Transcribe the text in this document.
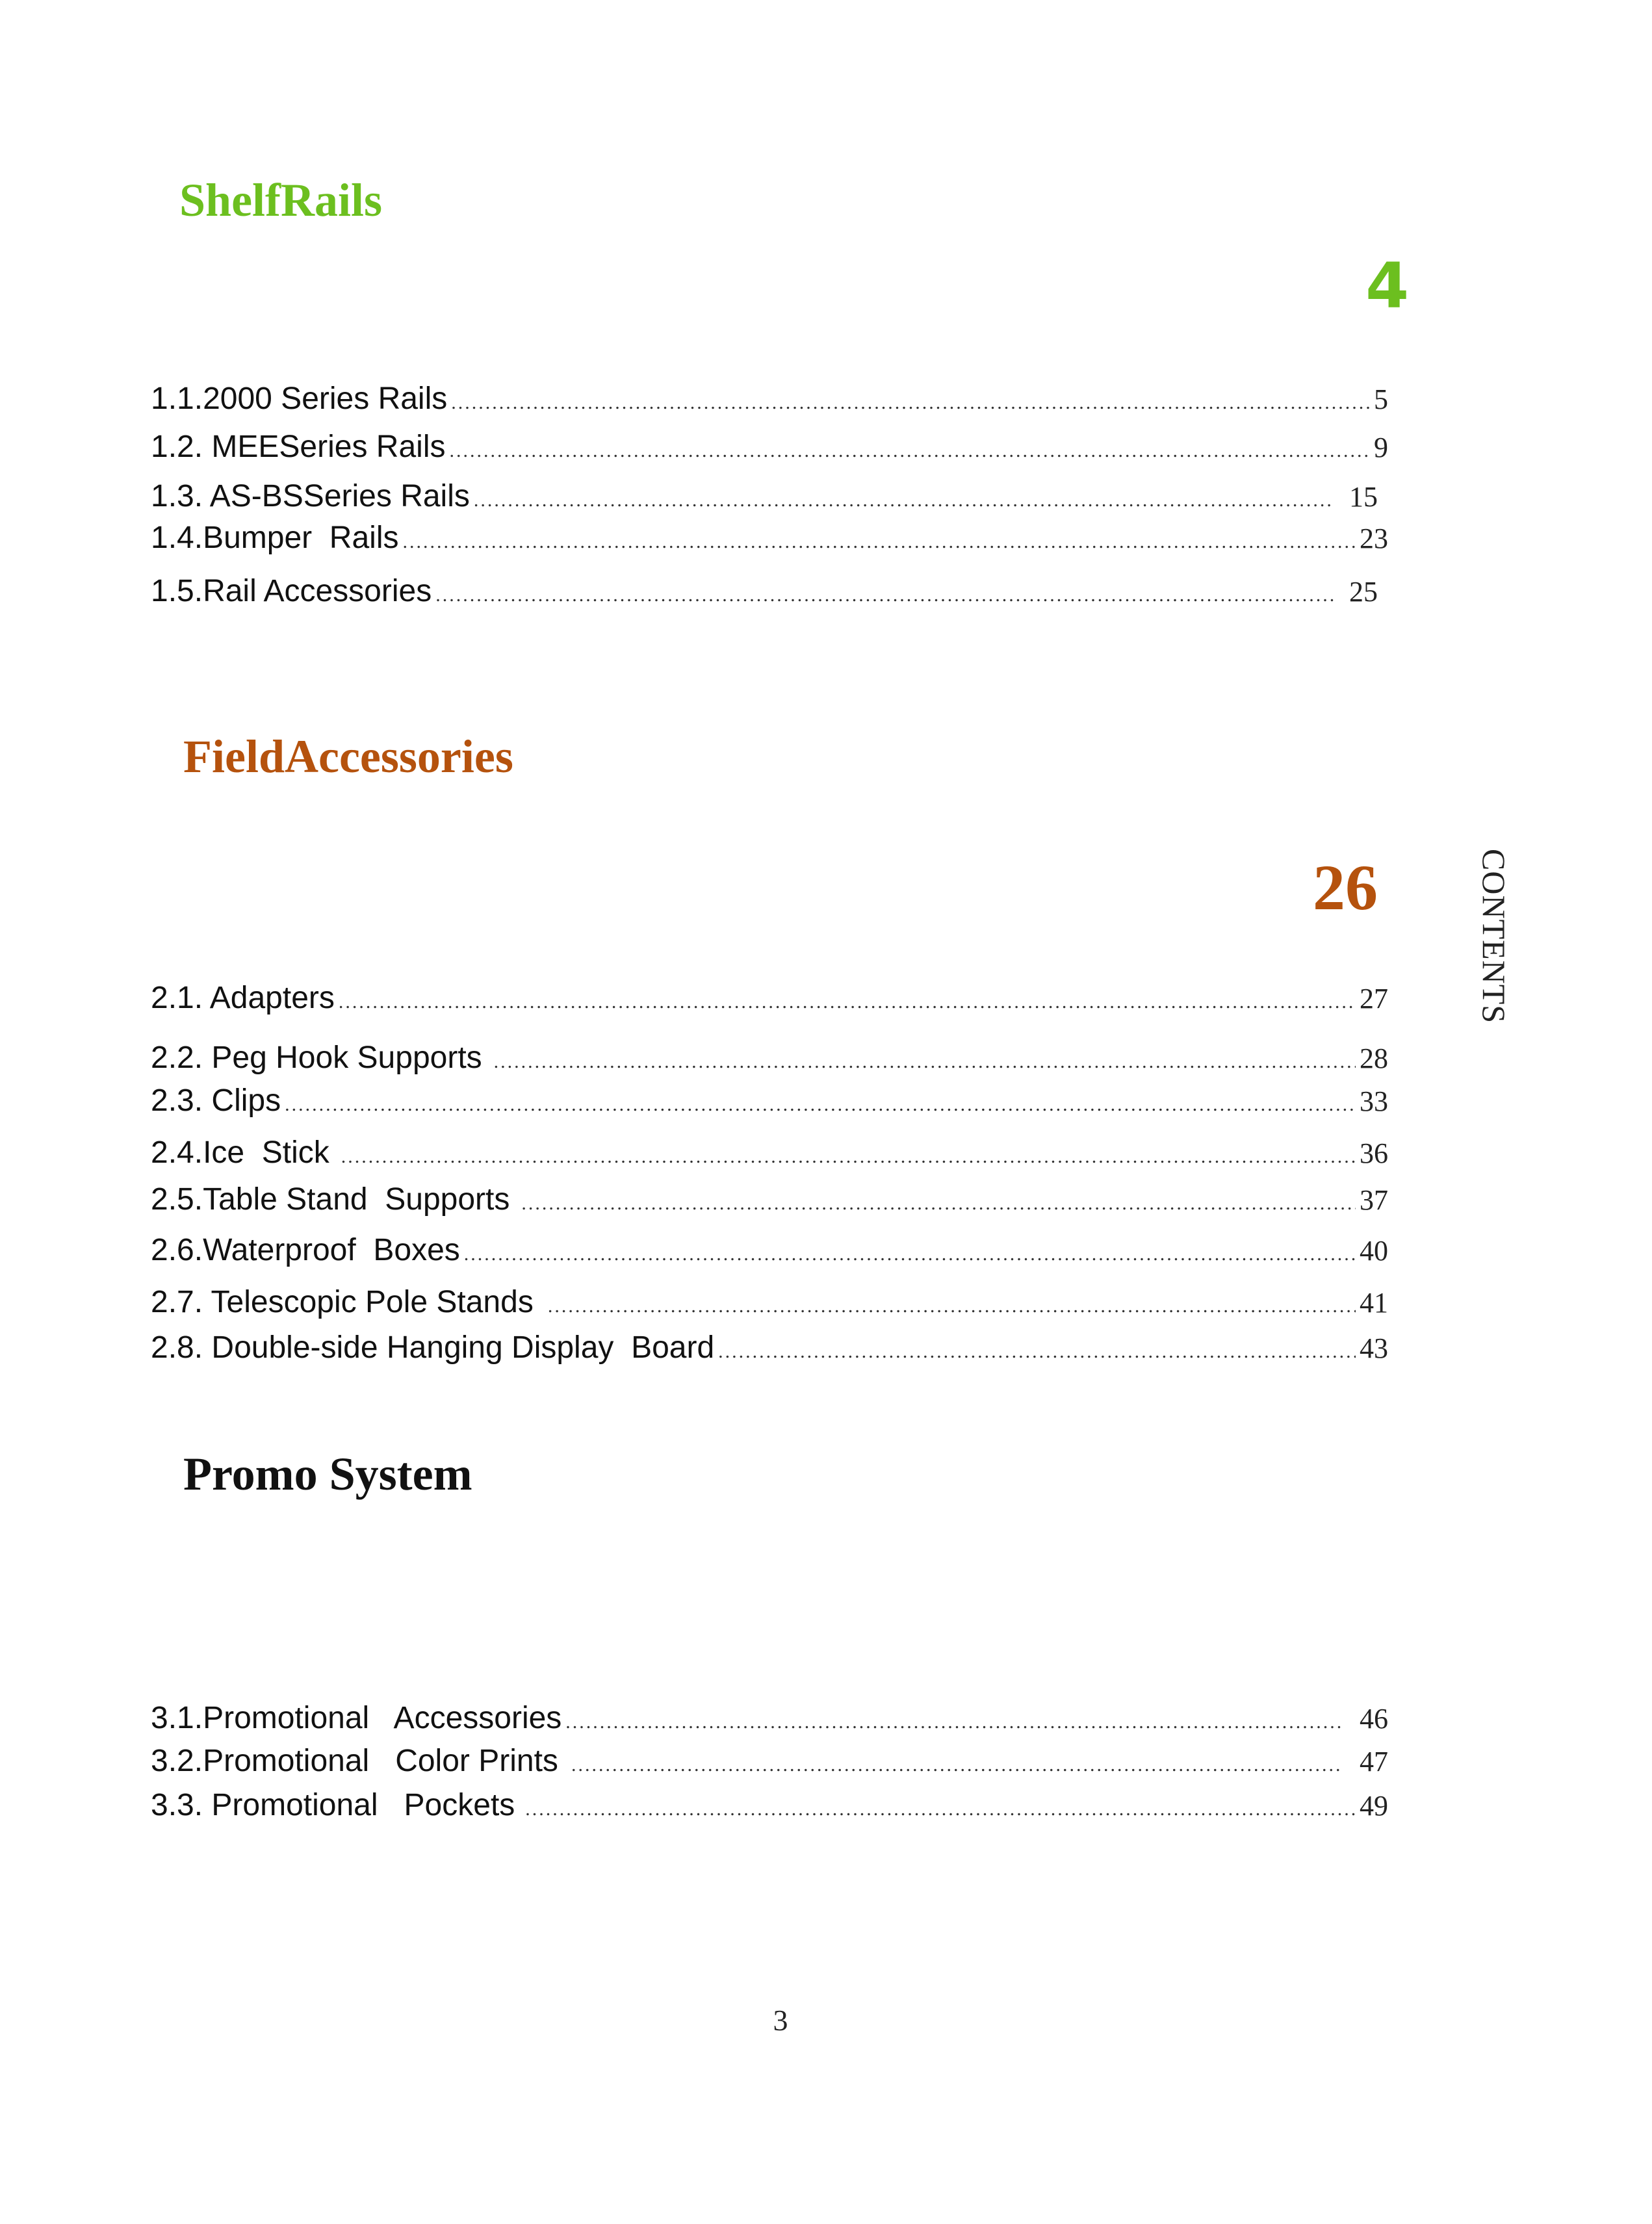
ShelfRails
4
1.1.2000 Series Rails .....	5
1.2. MEESeries Rails .....	9
1.3. AS-BSSeries Rails .....	15
1.4.Bumper  Rails .....	23
1.5.Rail Accessories .....	25
FieldAccessories
26
2.1. Adapters .....	27
2.2. Peg Hook Supports .....	28
2.3. Clips .....	33
2.4.Ice  Stick .....	36
2.5.Table Stand  Supports .....	37
2.6.Waterproof  Boxes .....	40
2.7. Telescopic Pole Stands .....	41
2.8. Double-side Hanging Display  Board .....	43
Promo System
3.1.Promotional   Accessories .....	46
3.2.Promotional   Color Prints .....	47
3.3. Promotional   Pockets .....	49
CONTENTS
3
